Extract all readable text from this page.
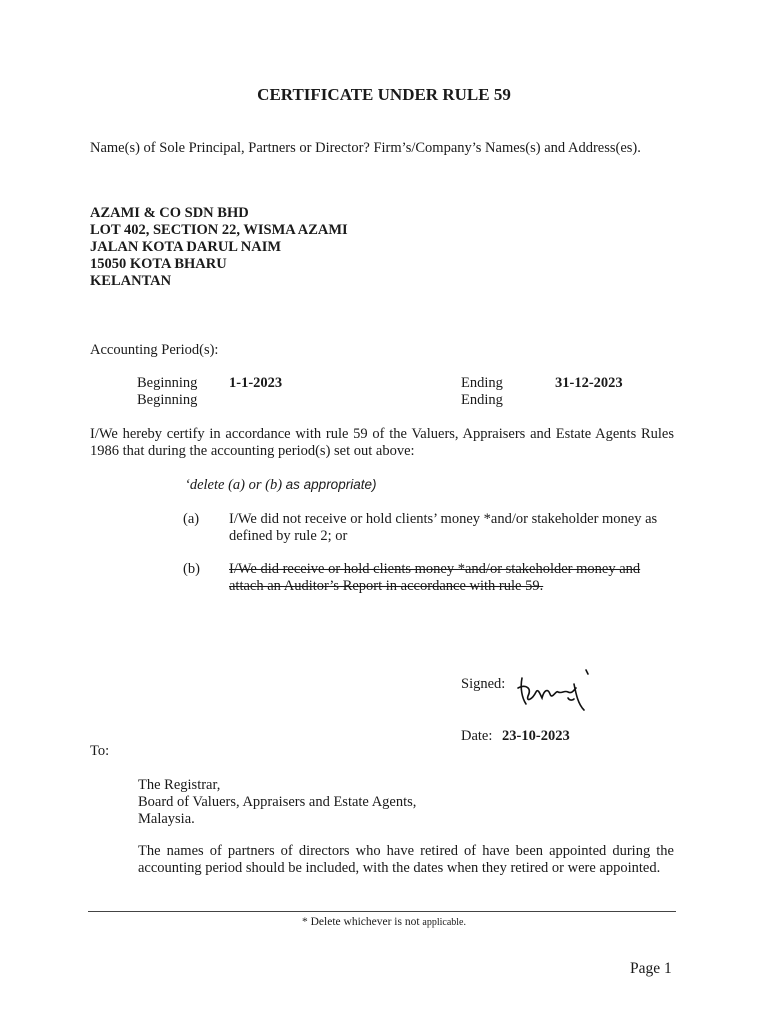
CERTIFICATE UNDER RULE 59
Name(s) of Sole Principal, Partners or Director? Firm’s/Company’s Names(s) and Address(es).
AZAMI & CO SDN BHD
LOT 402, SECTION 22, WISMA AZAMI
JALAN KOTA DARUL NAIM
15050 KOTA BHARU
KELANTAN
Accounting Period(s):
Beginning 1-1-2023	Ending	31-12-2023
Beginning	Ending
I/We hereby certify in accordance with rule 59 of the Valuers, Appraisers and Estate Agents Rules 1986 that during the accounting period(s) set out above:
‘delete (a) or (b) as appropriate)
(a) I/We did not receive or hold clients’ money *and/or stakeholder money as defined by rule 2; or
(b) I/We did receive or hold clients money *and/or stakeholder money and attach an Auditor’s Report in accordance with rule 59.
Signed:
Date: 23-10-2023
To:
The Registrar,
Board of Valuers, Appraisers and Estate Agents,
Malaysia.
The names of partners of directors who have retired of have been appointed during the accounting period should be included, with the dates when they retired or were appointed.
* Delete whichever is not applicable.
Page 1
